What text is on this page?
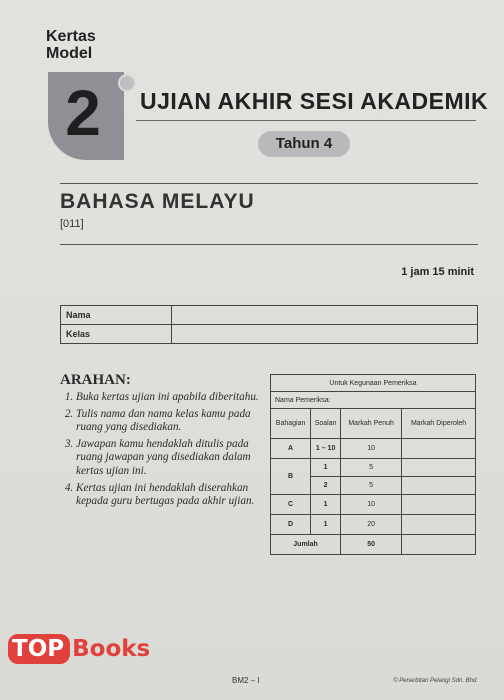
Kertas
Model
2	UJIAN AKHIR SESI AKADEMIK
Tahun 4
BAHASA MELAYU
[011]
1 jam 15 minit
Nama	
Kelas	
ARAHAN:
1. Buka kertas ujian ini apabila diberitahu.
2. Tulis nama dan nama kelas kamu pada ruang yang disediakan.
3. Jawapan kamu hendaklah ditulis pada ruang jawapan yang disediakan dalam kertas ujian ini.
4. Kertas ujian ini hendaklah diserahkan kepada guru bertugas pada akhir ujian.
Untuk Kegunaan Pemeriksa			
Nama Pemeriksa:			
Bahagian	Soalan	Markah Penuh	Markah Diperoleh
A	1 – 10	10	
B	1	5	
	2	5	
C	1	10	
D	1	20	
Jumlah		50	
TOP Books
BM2 – I	© Penerbitan Pelangi Sdn. Bhd.
